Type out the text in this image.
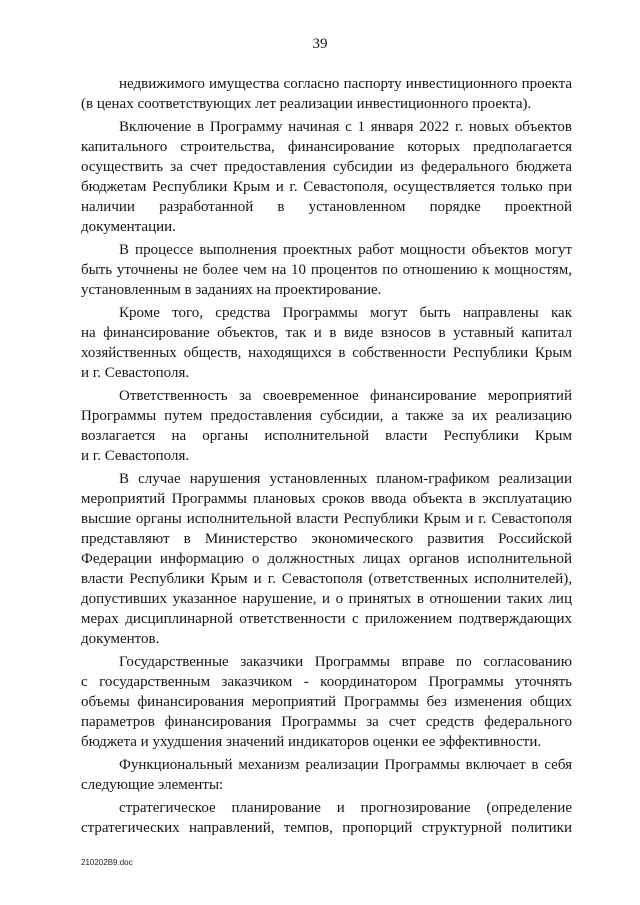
39
недвижимого имущества согласно паспорту инвестиционного проекта
(в ценах соответствующих лет реализации инвестиционного проекта).
Включение в Программу начиная с 1 января 2022 г. новых объектов
капитального строительства, финансирование которых предполагается
осуществить за счет предоставления субсидии из федерального бюджета
бюджетам Республики Крым и г. Севастополя, осуществляется только при
наличии разработанной в установленном порядке проектной
документации.
В процессе выполнения проектных работ мощности объектов могут
быть уточнены не более чем на 10 процентов по отношению к мощностям,
установленным в заданиях на проектирование.
Кроме того, средства Программы могут быть направлены как
на финансирование объектов, так и в виде взносов в уставный капитал
хозяйственных обществ, находящихся в собственности Республики Крым
и г. Севастополя.
Ответственность за своевременное финансирование мероприятий
Программы путем предоставления субсидии, а также за их реализацию
возлагается на органы исполнительной власти Республики Крым
и г. Севастополя.
В случае нарушения установленных планом-графиком реализации
мероприятий Программы плановых сроков ввода объекта в эксплуатацию
высшие органы исполнительной власти Республики Крым и г. Севастополя
представляют в Министерство экономического развития Российской
Федерации информацию о должностных лицах органов исполнительной
власти Республики Крым и г. Севастополя (ответственных исполнителей),
допустивших указанное нарушение, и о принятых в отношении таких лиц
мерах дисциплинарной ответственности с приложением подтверждающих
документов.
Государственные заказчики Программы вправе по согласованию
с государственным заказчиком - координатором Программы уточнять
объемы финансирования мероприятий Программы без изменения общих
параметров финансирования Программы за счет средств федерального
бюджета и ухудшения значений индикаторов оценки ее эффективности.
Функциональный механизм реализации Программы включает в себя
следующие элементы:
стратегическое планирование и прогнозирование (определение
стратегических направлений, темпов, пропорций структурной политики
210202B9.doc
